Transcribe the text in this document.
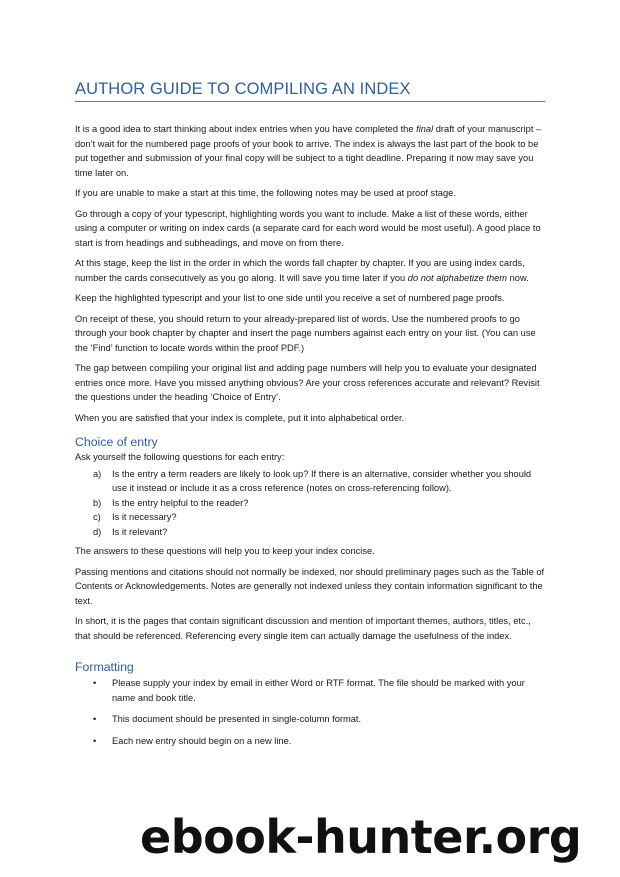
AUTHOR GUIDE TO COMPILING AN INDEX

It is a good idea to start thinking about index entries when you have completed the final draft of your manuscript – don’t wait for the numbered page proofs of your book to arrive. The index is always the last part of the book to be put together and submission of your final copy will be subject to a tight deadline. Preparing it now may save you time later on.

If you are unable to make a start at this time, the following notes may be used at proof stage.

Go through a copy of your typescript, highlighting words you want to include. Make a list of these words, either using a computer or writing on index cards (a separate card for each word would be most useful). A good place to start is from headings and subheadings, and move on from there.

At this stage, keep the list in the order in which the words fall chapter by chapter. If you are using index cards, number the cards consecutively as you go along. It will save you time later if you do not alphabetize them now.

Keep the highlighted typescript and your list to one side until you receive a set of numbered page proofs.

On receipt of these, you should return to your already-prepared list of words. Use the numbered proofs to go through your book chapter by chapter and insert the page numbers against each entry on your list. (You can use the ‘Find’ function to locate words within the proof PDF.)

The gap between compiling your original list and adding page numbers will help you to evaluate your designated entries once more. Have you missed anything obvious? Are your cross references accurate and relevant? Revisit the questions under the heading ‘Choice of Entry’.

When you are satisfied that your index is complete, put it into alphabetical order.

Choice of entry

Ask yourself the following questions for each entry:

a) Is the entry a term readers are likely to look up? If there is an alternative, consider whether you should use it instead or include it as a cross reference (notes on cross-referencing follow).
b) Is the entry helpful to the reader?
c) Is it necessary?
d) Is it relevant?

The answers to these questions will help you to keep your index concise.

Passing mentions and citations should not normally be indexed, nor should preliminary pages such as the Table of Contents or Acknowledgements. Notes are generally not indexed unless they contain information significant to the text.

In short, it is the pages that contain significant discussion and mention of important themes, authors, titles, etc., that should be referenced. Referencing every single item can actually damage the usefulness of the index.

Formatting
• Please supply your index by email in either Word or RTF format. The file should be marked with your name and book title.
• This document should be presented in single-column format.
• Each new entry should begin on a new line.
ebook-hunter.org
